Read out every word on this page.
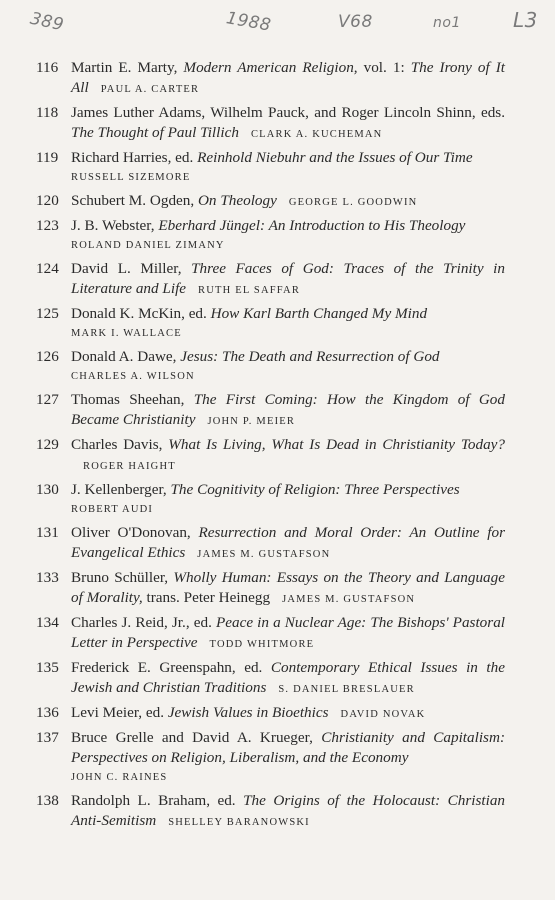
389	1988	V68	no1	L3
116 Martin E. Marty, Modern American Religion, vol. 1: The Irony of It All PAUL A. CARTER
118 James Luther Adams, Wilhelm Pauck, and Roger Lincoln Shinn, eds. The Thought of Paul Tillich CLARK A. KUCHEMAN
119 Richard Harries, ed. Reinhold Niebuhr and the Issues of Our Time
RUSSELL SIZEMORE
120 Schubert M. Ogden, On Theology GEORGE L. GOODWIN
123 J. B. Webster, Eberhard Jüngel: An Introduction to His Theology
ROLAND DANIEL ZIMANY
124 David L. Miller, Three Faces of God: Traces of the Trinity in Literature and Life RUTH EL SAFFAR
125 Donald K. McKin, ed. How Karl Barth Changed My Mind
MARK I. WALLACE
126 Donald A. Dawe, Jesus: The Death and Resurrection of God
CHARLES A. WILSON
127 Thomas Sheehan, The First Coming: How the Kingdom of God Became Christianity JOHN P. MEIER
129 Charles Davis, What Is Living, What Is Dead in Christianity Today?ROGER HAIGHT
130 J. Kellenberger, The Cognitivity of Religion: Three Perspectives
ROBERT AUDI
131 Oliver O'Donovan, Resurrection and Moral Order: An Outline for Evangelical Ethics JAMES M. GUSTAFSON
133 Bruno Schüller, Wholly Human: Essays on the Theory and Language of Morality, trans. Peter Heinegg JAMES M. GUSTAFSON
134 Charles J. Reid, Jr., ed. Peace in a Nuclear Age: The Bishops' Pastoral Letter in Perspective TODD WHITMORE
135 Frederick E. Greenspahn, ed. Contemporary Ethical Issues in the Jewish and Christian Traditions S. DANIEL BRESLAUER
136 Levi Meier, ed. Jewish Values in Bioethics DAVID NOVAK
137 Bruce Grelle and David A. Krueger, Christianity and Capitalism: Perspectives on Religion, Liberalism, and the Economy
JOHN C. RAINES
138 Randolph L. Braham, ed. The Origins of the Holocaust: Christian Anti-Semitism SHELLEY BARANOWSKI
